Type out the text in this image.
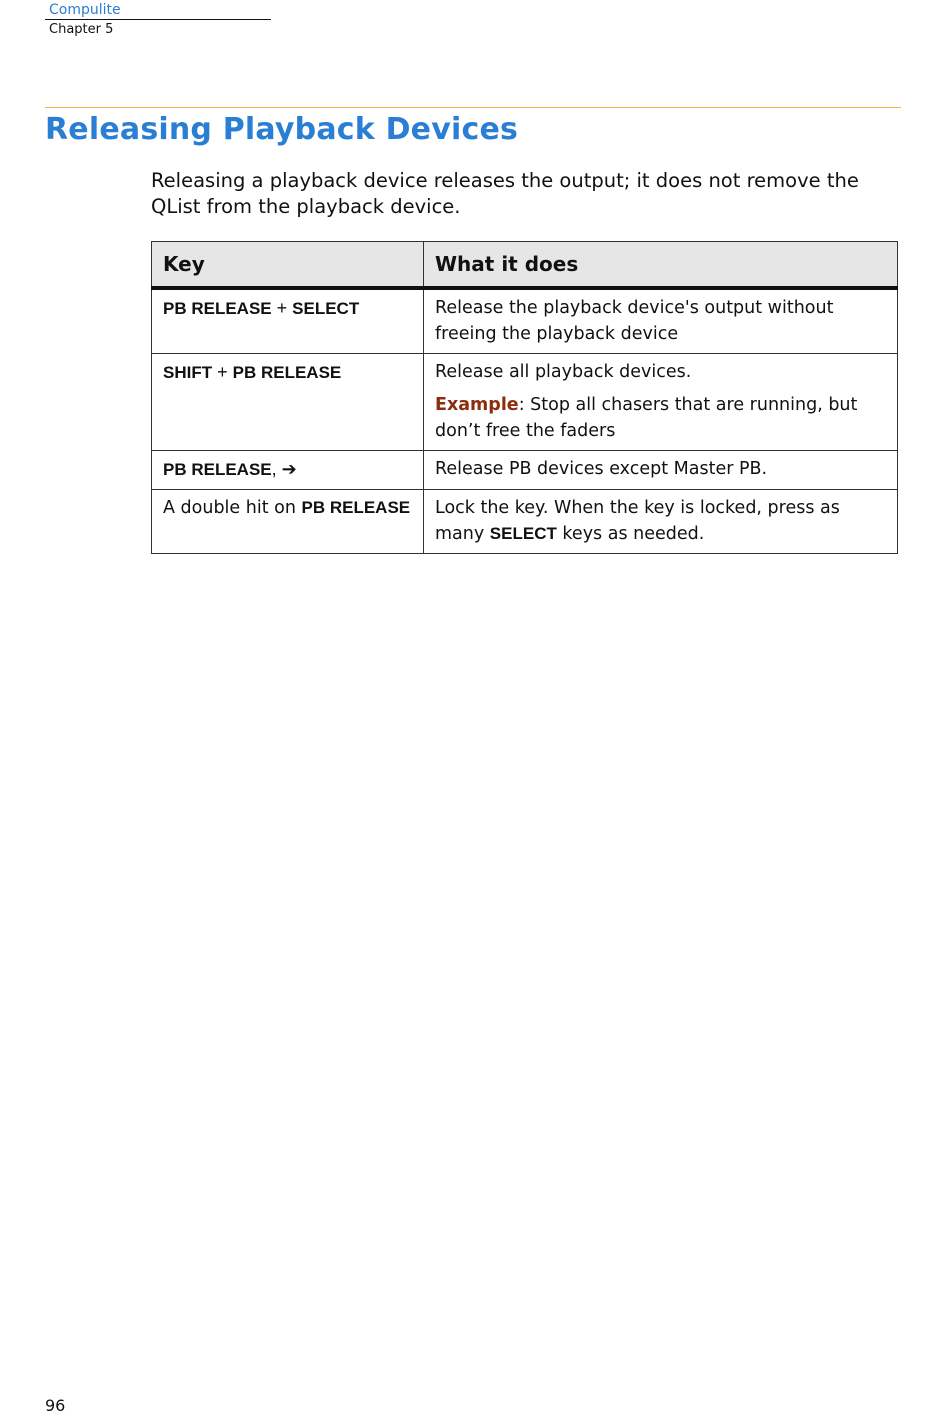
Compulite
Chapter 5
Releasing Playback Devices

Releasing a playback device releases the output; it does not remove the QList from the playback device.

Key	What it does

PB RELEASE + SELECT	Release the playback device's output without freeing the playback device

SHIFT + PB RELEASE	Release all playback devices.
Example: Stop all chasers that are running, but don’t free the faders

PB RELEASE, ➔	Release PB devices except Master PB.

A double hit on PB RELEASE	Lock the key. When the key is locked, press as many SELECT keys as needed.
96
